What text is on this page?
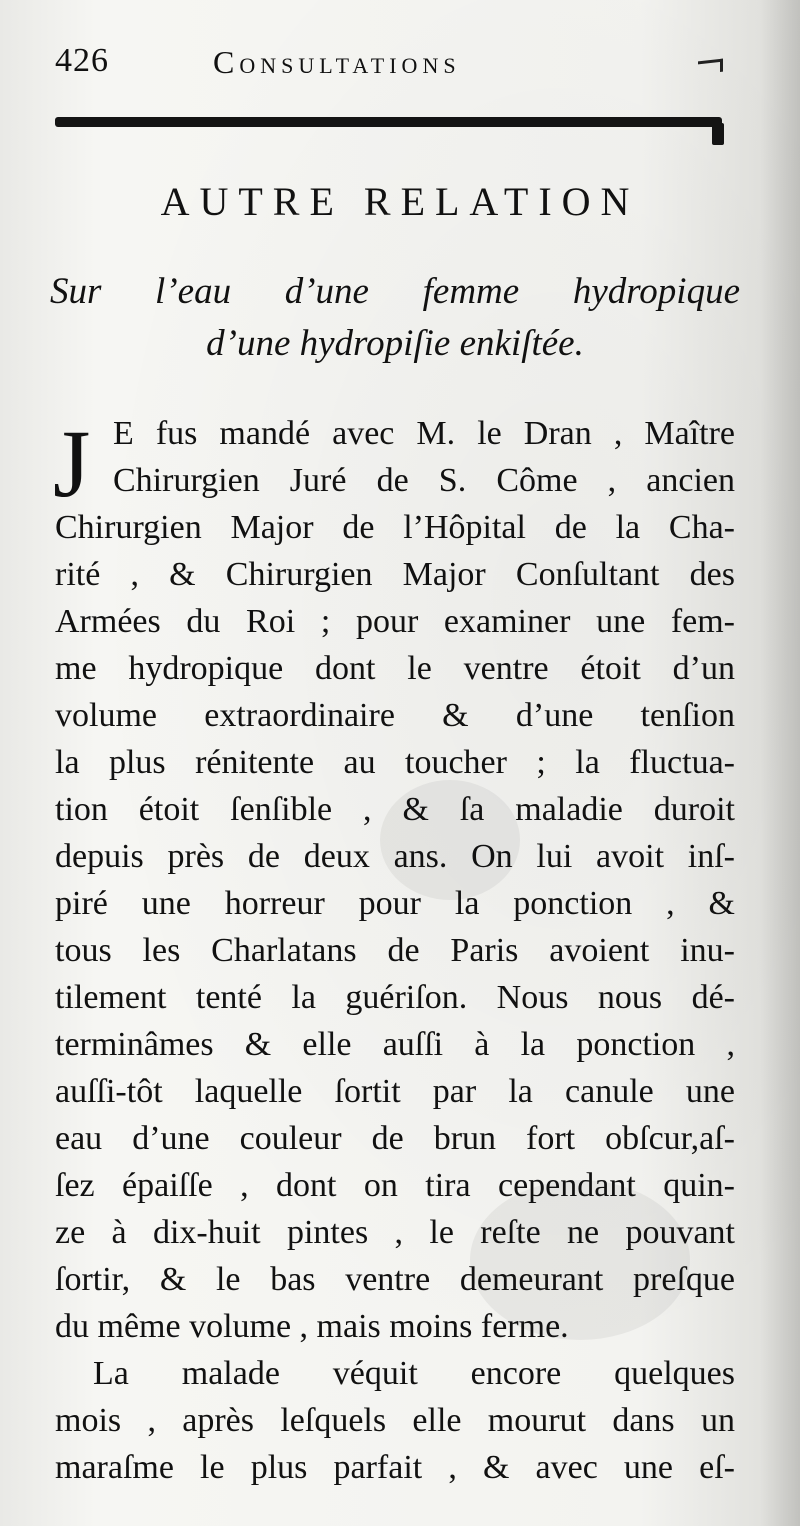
426	Consultations
AUTRE RELATION
Sur l’eau d’une femme hydropique
d’une hydropiſie enkiſtée.
J E fus mandé avec M. le Dran , Maître
Chirurgien Juré de S. Côme , ancien
Chirurgien Major de l’Hôpital de la Cha-
rité , & Chirurgien Major Conſultant des
Armées du Roi ; pour examiner une fem-
me hydropique dont le ventre étoit d’un
volume extraordinaire & d’une tenſion
la plus rénitente au toucher ; la fluctua-
tion étoit ſenſible , & ſa maladie duroit
depuis près de deux ans. On lui avoit inſ-
piré une horreur pour la ponction , &
tous les Charlatans de Paris avoient inu-
tilement tenté la guériſon. Nous nous dé-
terminâmes & elle auſſi à la ponction ,
auſſi-tôt laquelle ſortit par la canule une
eau d’une couleur de brun fort obſcur,aſ-
ſez épaiſſe , dont on tira cependant quin-
ze à dix-huit pintes , le reſte ne pouvant
ſortir, & le bas ventre demeurant preſque
du même volume , mais moins ferme.
La malade véquit encore quelques
mois , après leſquels elle mourut dans un
maraſme le plus parfait , & avec une eſ-
